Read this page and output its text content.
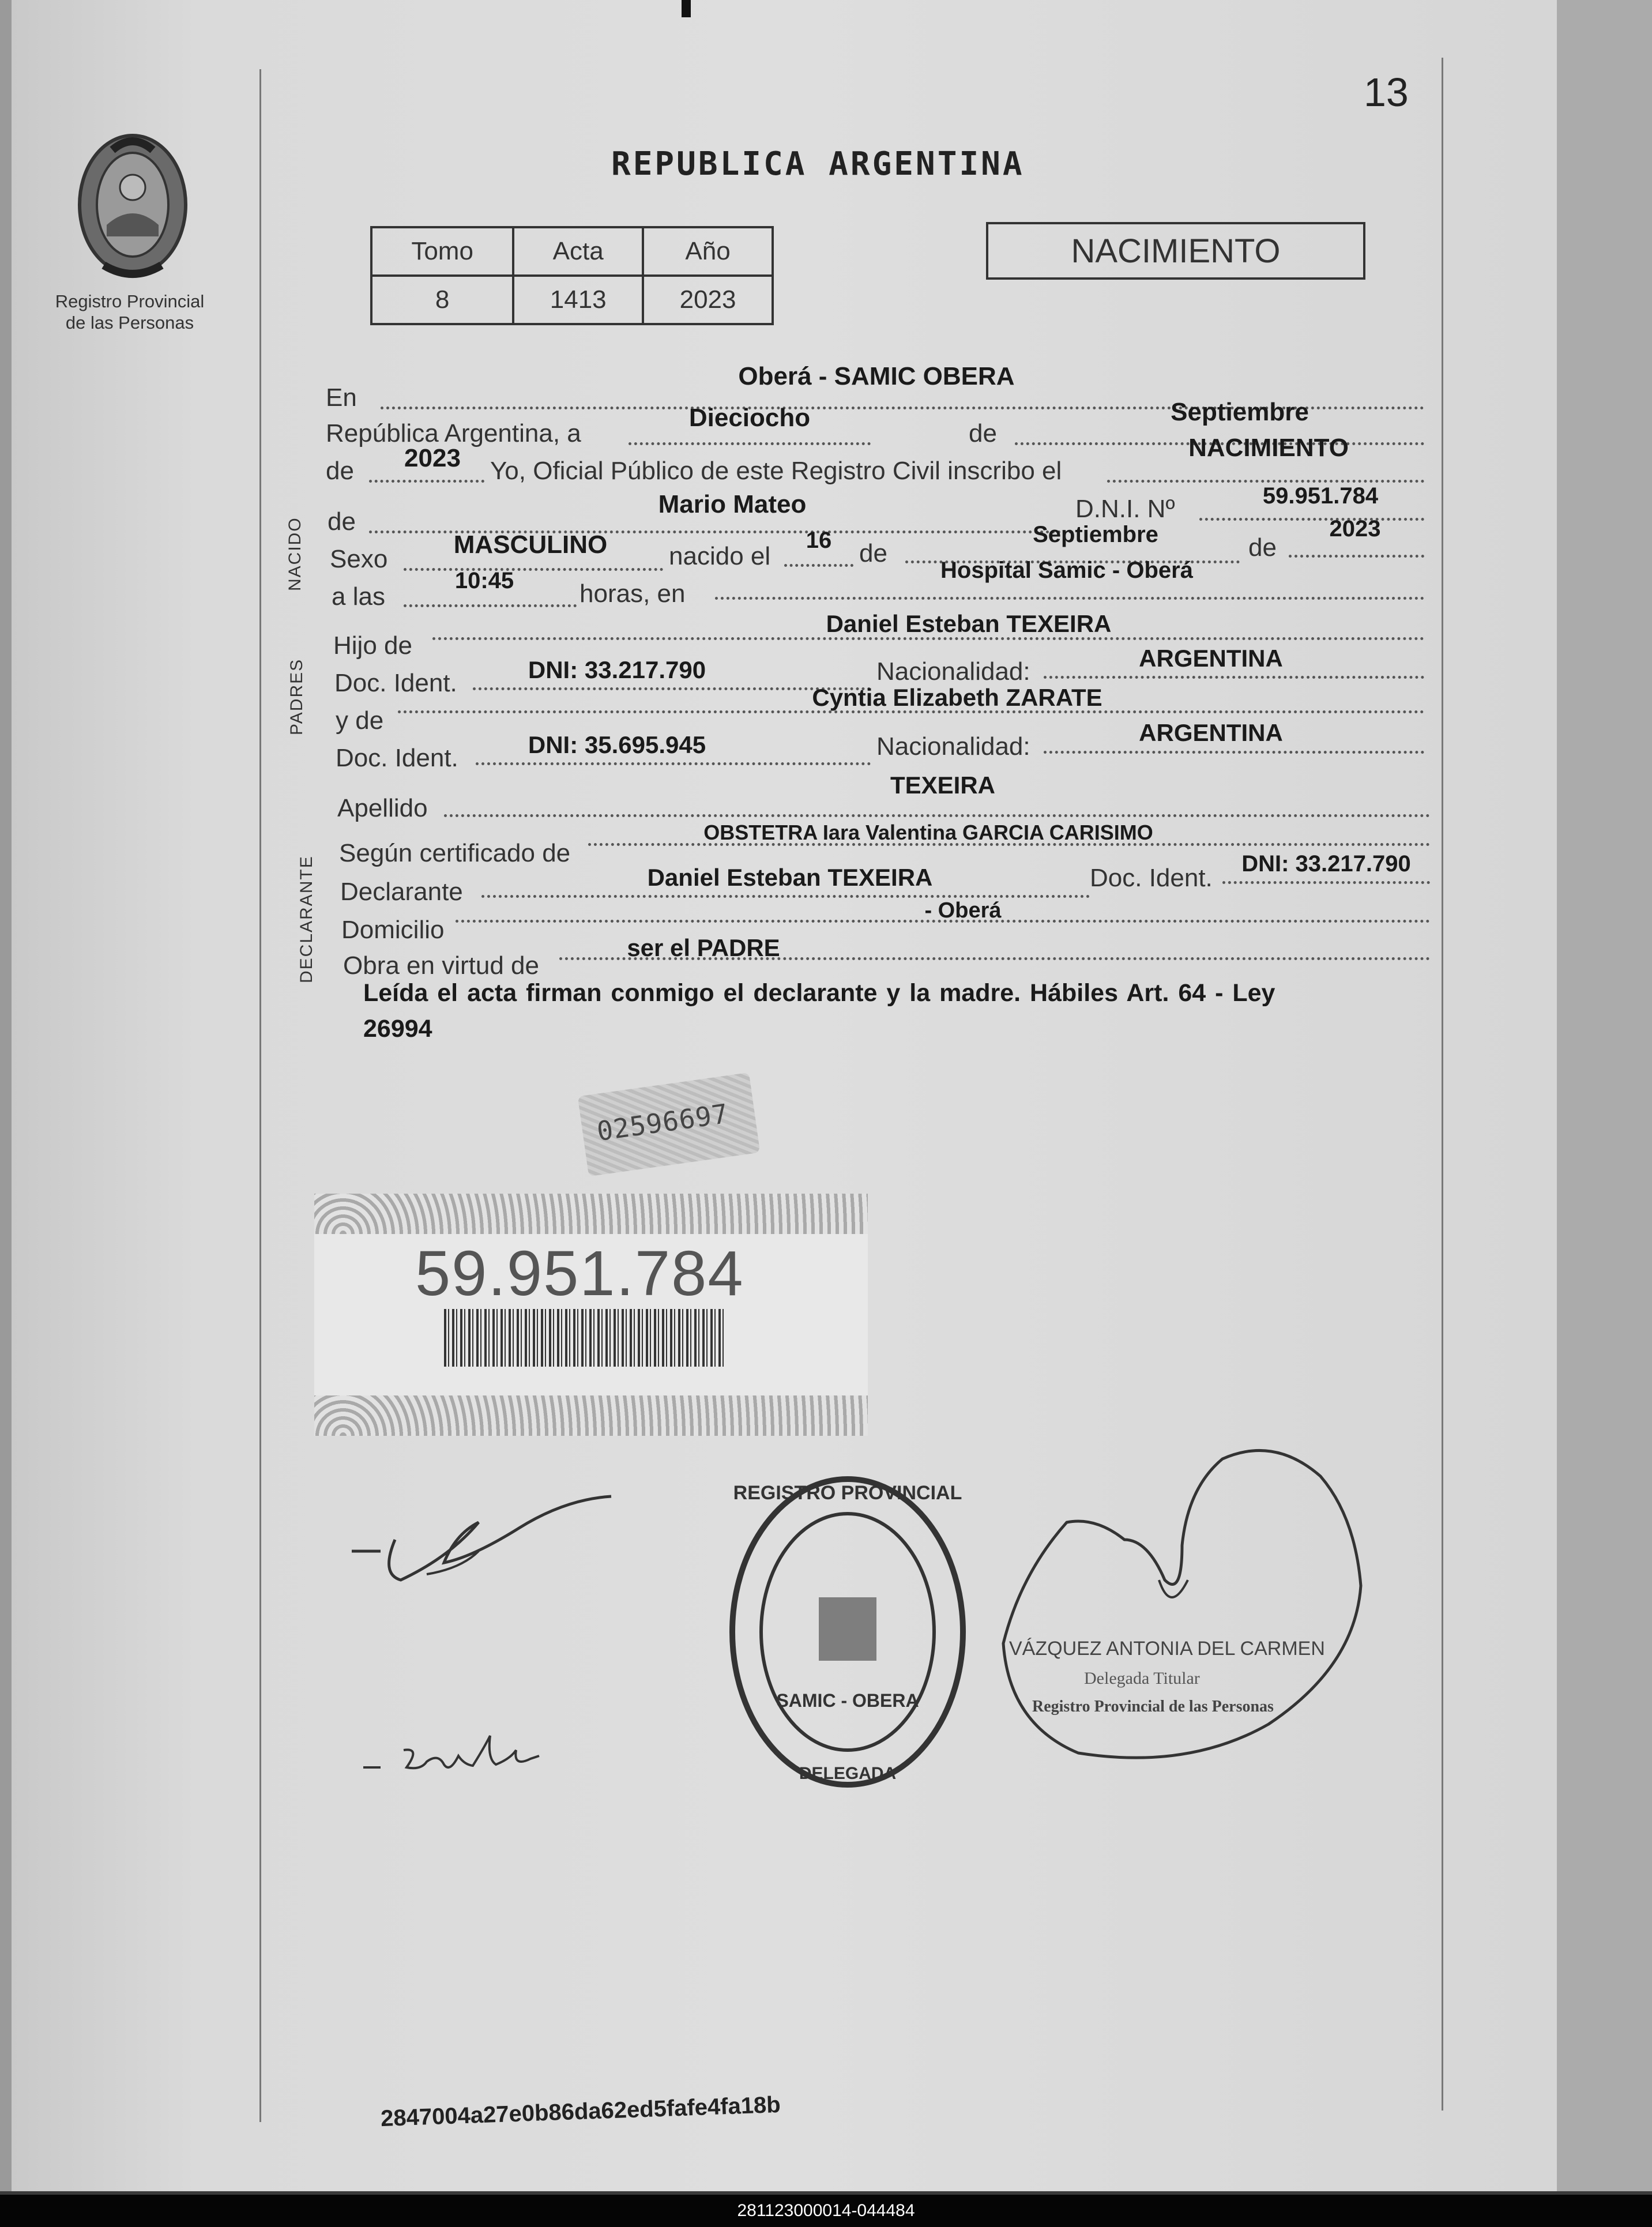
13
Registro Provincial
de las Personas
REPUBLICA ARGENTINA
Tomo	Acta	Año
8	1413	2023
NACIMIENTO
En
Oberá - SAMIC OBERA
República Argentina, a
Dieciocho
de
Septiembre
de	2023	Yo, Oficial Público de este Registro Civil inscribo el
NACIMIENTO
NACIDO
PADRES
DECLARANTE
de
Mario Mateo	D.N.I. Nº	59.951.784
Sexo
MASCULINO	nacido el
16	de
Septiembre	de
2023
a las
10:45	horas, en
Hospital Samic - Oberá
Hijo de
Daniel Esteban TEXEIRA
Doc. Ident.	DNI: 33.217.790	Nacionalidad:	ARGENTINA
y de
Cyntia Elizabeth ZARATE
Doc. Ident.	DNI: 35.695.945	Nacionalidad:	ARGENTINA
Apellido
TEXEIRA
Según certificado de
OBSTETRA Iara Valentina GARCIA CARISIMO
Declarante
Daniel Esteban TEXEIRA	Doc. Ident.	DNI: 33.217.790
Domicilio
- Oberá
Obra en virtud de
ser el PADRE
Leída el acta firman conmigo el declarante y la madre. Hábiles Art. 64 - Ley
26994
02596697
59.951.784
REGISTRO PROVINCIAL
DELEGADA
SAMIC - OBERA
VÁZQUEZ ANTONIA DEL CARMEN
Delegada Titular
Registro Provincial de las Personas
2847004a27e0b86da62ed5fafe4fa18b
281123000014-044484
